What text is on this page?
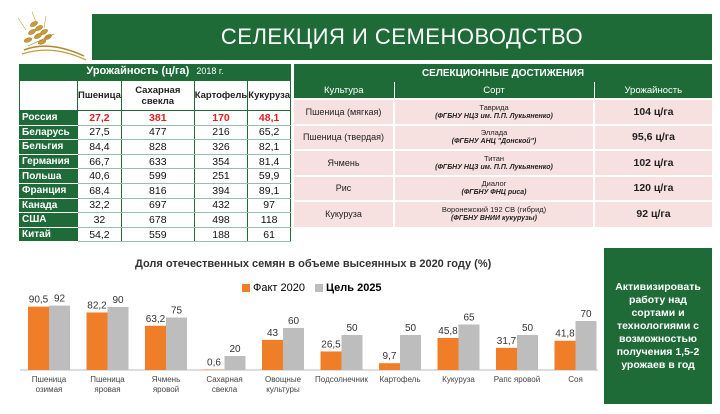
СЕЛЕКЦИЯ И СЕМЕНОВОДСТВО
Урожайность (ц/га) 2018 г.
	Пшеница	Сахарная свекла	Картофель	Кукуруза
Россия	27,2	381	170	48,1
Беларусь	27,5	477	216	65,2
Бельгия	84,4	828	326	82,1
Германия	66,7	633	354	81,4
Польша	40,6	599	251	59,9
Франция	68,4	816	394	89,1
Канада	32,2	697	432	97
США	32	678	498	118
Китай	54,2	559	188	61
СЕЛЕКЦИОННЫЕ ДОСТИЖЕНИЯ
Культура	Сорт	Урожайность
Пшеница (мягкая)	Таврида
(ФГБНУ НЦЗ им. П.П. Лукьяненко)	104 ц/га
Пшеница (твердая)	Эллада
(ФГБНУ АНЦ "Донской")	95,6 ц/га
Ячмень	Титан
(ФГБНУ НЦЗ им. П.П. Лукьяненко)	102 ц/га
Рис	Диалог
(ФГБНУ ФНЦ риса)	120 ц/га
Кукуруза	Воронежский 192 СВ (гибрид)
(ФГБНУ ВНИИ кукурузы)	92 ц/га
Доля отечественных семян в объеме высеянных в 2020 году (%)
Факт 2020 Цель 2025
90,5 92
Пшеница
озимая
82,2 90
Пшеница
яровая
63,2
75
Ячмень
яровой
0,6
20
Сахарная
свекла
43
60
Овощные
культуры
26,5
50
Подсолнечник
9,7
50
Картофель
45,8
65
Кукуруза
31,7
50
Рапс яровой
41,8
70
Соя
Активизировать работу над сортами и технологиями с возможностью получения 1,5-2 урожаев в год
